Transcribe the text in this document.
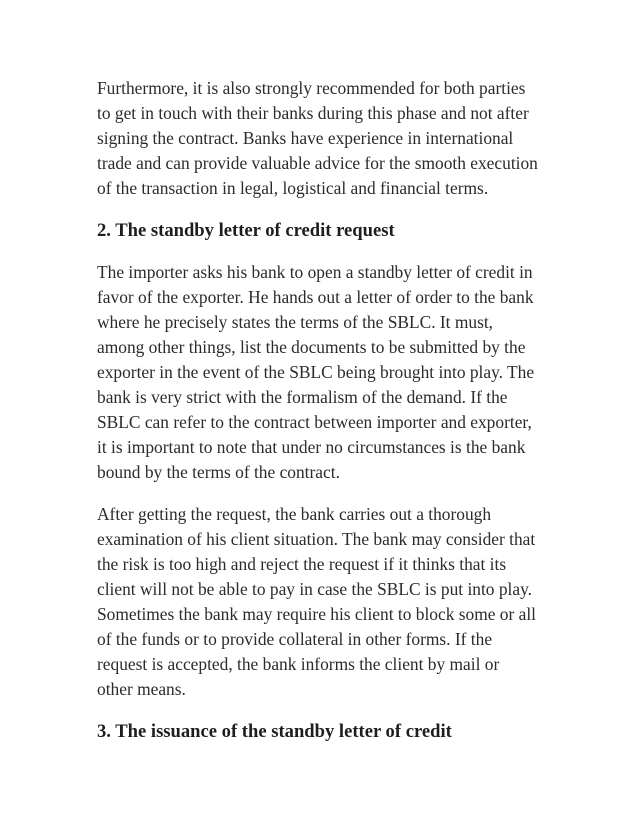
Furthermore, it is also strongly recommended for both parties
to get in touch with their banks during this phase and not after
signing the contract. Banks have experience in international
trade and can provide valuable advice for the smooth execution
of the transaction in legal, logistical and financial terms.

2. The standby letter of credit request

The importer asks his bank to open a standby letter of credit in
favor of the exporter. He hands out a letter of order to the bank
where he precisely states the terms of the SBLC. It must,
among other things, list the documents to be submitted by the
exporter in the event of the SBLC being brought into play. The
bank is very strict with the formalism of the demand. If the
SBLC can refer to the contract between importer and exporter,
it is important to note that under no circumstances is the bank
bound by the terms of the contract.

After getting the request, the bank carries out a thorough
examination of his client situation. The bank may consider that
the risk is too high and reject the request if it thinks that its
client will not be able to pay in case the SBLC is put into play.
Sometimes the bank may require his client to block some or all
of the funds or to provide collateral in other forms. If the
request is accepted, the bank informs the client by mail or
other means.

3. The issuance of the standby letter of credit
